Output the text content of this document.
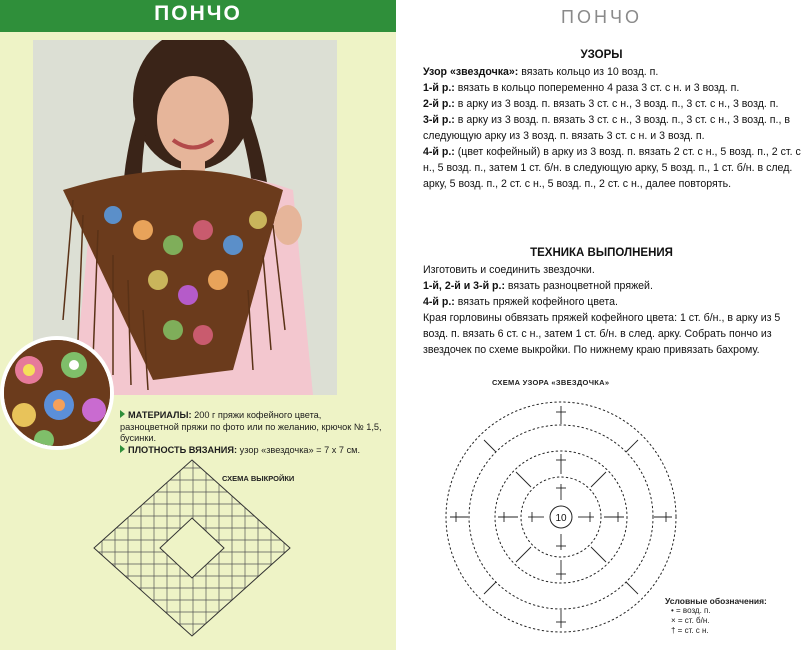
ПОНЧО
МАТЕРИАЛЫ: 200 г пряжи кофейного цвета, разноцветной пряжи по фото или по желанию, крючок № 1,5, бусинки.
ПЛОТНОСТЬ ВЯЗАНИЯ: узор «звездочка» = 7 х 7 см.
СХЕМА ВЫКРОЙКИ
ПОНЧО
УЗОРЫ
Узор «звездочка»: вязать кольцо из 10 возд. п.
1-й р.: вязать в кольцо попеременно 4 раза 3 ст. с н. и 3 возд. п.
2-й р.: в арку из 3 возд. п. вязать 3 ст. с н., 3 возд. п., 3 ст. с н., 3 возд. п.
3-й р.: в арку из 3 возд. п. вязать 3 ст. с н., 3 возд. п., 3 ст. с н., 3 возд. п., в следующую арку из 3 возд. п. вязать 3 ст. с н. и 3 возд. п.
4-й р.: (цвет кофейный) в арку из 3 возд. п. вязать 2 ст. с н., 5 возд. п., 2 ст. с н., 5 возд. п., затем 1 ст. б/н. в следующую арку, 5 возд. п., 1 ст. б/н. в след. арку, 5 возд. п., 2 ст. с н., 5 возд. п., 2 ст. с н., далее повторять.
ТЕХНИКА ВЫПОЛНЕНИЯ
Изготовить и соединить звездочки.
1-й, 2-й и 3-й р.: вязать разноцветной пряжей.
4-й р.: вязать пряжей кофейного цвета.
Края горловины обвязать пряжей кофейного цвета: 1 ст. б/н., в арку из 5 возд. п. вязать 6 ст. с н., затем 1 ст. б/н. в след. арку. Собрать пончо из звездочек по схеме выкройки. По нижнему краю привязать бахрому.
СХЕМА УЗОРА «ЗВЕЗДОЧКА»
10
Условные обозначения:
• = возд. п.
× = ст. б/н.
† = ст. с н.
